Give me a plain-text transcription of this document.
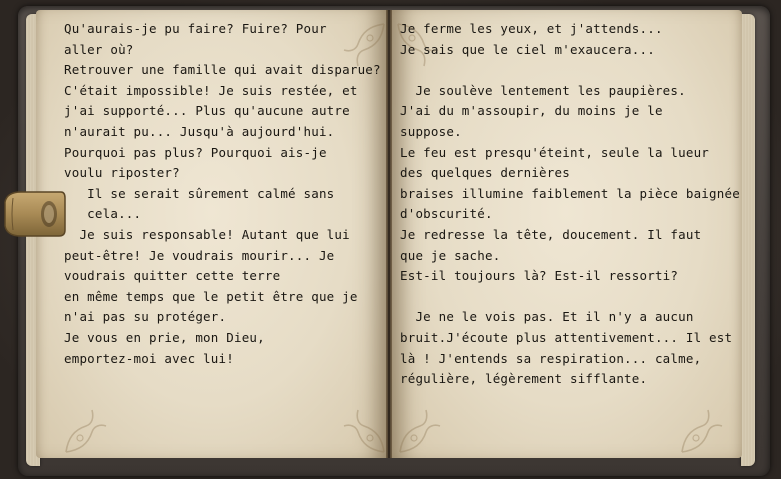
Qu'aurais-je pu faire? Fuire? Pour
aller où?
Retrouver une famille qui avait disparue?
C'était impossible! Je suis restée, et
j'ai supporté... Plus qu'aucune autre
n'aurait pu... Jusqu'à aujourd'hui.
Pourquoi pas plus? Pourquoi ais-je
voulu riposter?
Il se serait sûrement calmé sans
cela...
Je suis responsable! Autant que lui
peut-être! Je voudrais mourir... Je
voudrais quitter cette terre
en même temps que le petit être que je
n'ai pas su protéger.
Je vous en prie, mon Dieu,
emportez-moi avec lui!
Je ferme les yeux, et j'attends...
Je sais que le ciel m'exaucera...
Je soulève lentement les paupières.
J'ai du m'assoupir, du moins je le
suppose.
Le feu est presqu'éteint, seule la lueur
des quelques dernières
braises illumine faiblement la pièce baignée
d'obscurité.
Je redresse la tête, doucement. Il faut
que je sache.
Est-il toujours là? Est-il ressorti?
Je ne le vois pas. Et il n'y a aucun
bruit.J'écoute plus attentivement... Il est
là ! J'entends sa respiration... calme,
régulière, légèrement sifflante.
